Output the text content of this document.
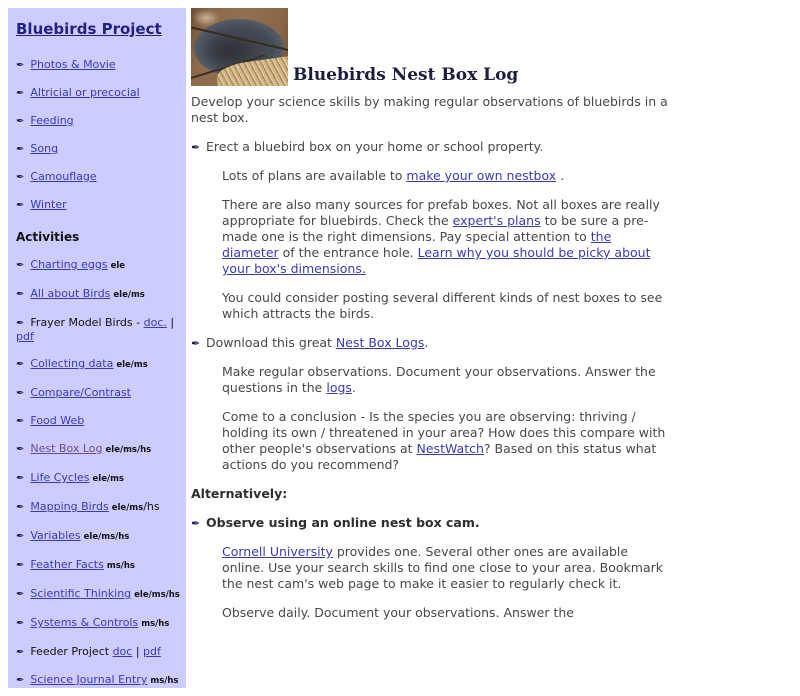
Bluebirds Project
✒ Photos & Movie
✒ Altricial or precocial
✒ Feeding
✒ Song
✒ Camouflage
✒ Winter
Activities
✒ Charting eggs ele
✒ All about Birds ele/ms
✒ Frayer Model Birds - doc. | pdf
✒ Collecting data ele/ms
✒ Compare/Contrast
✒ Food Web
✒ Nest Box Log ele/ms/hs
✒ Life Cycles ele/ms
✒ Mapping Birds ele/ms/hs
✒ Variables ele/ms/hs
✒ Feather Facts ms/hs
✒ Scientific Thinking ele/ms/hs
✒ Systems & Controls ms/hs
✒ Feeder Project doc | pdf
✒ Science Journal Entry ms/hs
Bluebirds Nest Box Log

Develop your science skills by making regular observations of bluebirds in a nest box.

✒ Erect a bluebird box on your home or school property.
Lots of plans are available to make your own nestbox .
There are also many sources for prefab boxes. Not all boxes are really appropriate for bluebirds. Check the expert's plans to be sure a pre-made one is the right dimensions. Pay special attention to the diameter of the entrance hole. Learn why you should be picky about your box's dimensions.
You could consider posting several different kinds of nest boxes to see which attracts the birds.
✒ Download this great Nest Box Logs.
Make regular observations. Document your observations. Answer the questions in the logs.
Come to a conclusion - Is the species you are observing: thriving / holding its own / threatened in your area? How does this compare with other people's observations at NestWatch? Based on this status what actions do you recommend?
Alternatively:
✒ Observe using an online nest box cam.
Cornell University provides one. Several other ones are available online. Use your search skills to find one close to your area. Bookmark the nest cam's web page to make it easier to regularly check it.
Observe daily. Document your observations. Answer the
